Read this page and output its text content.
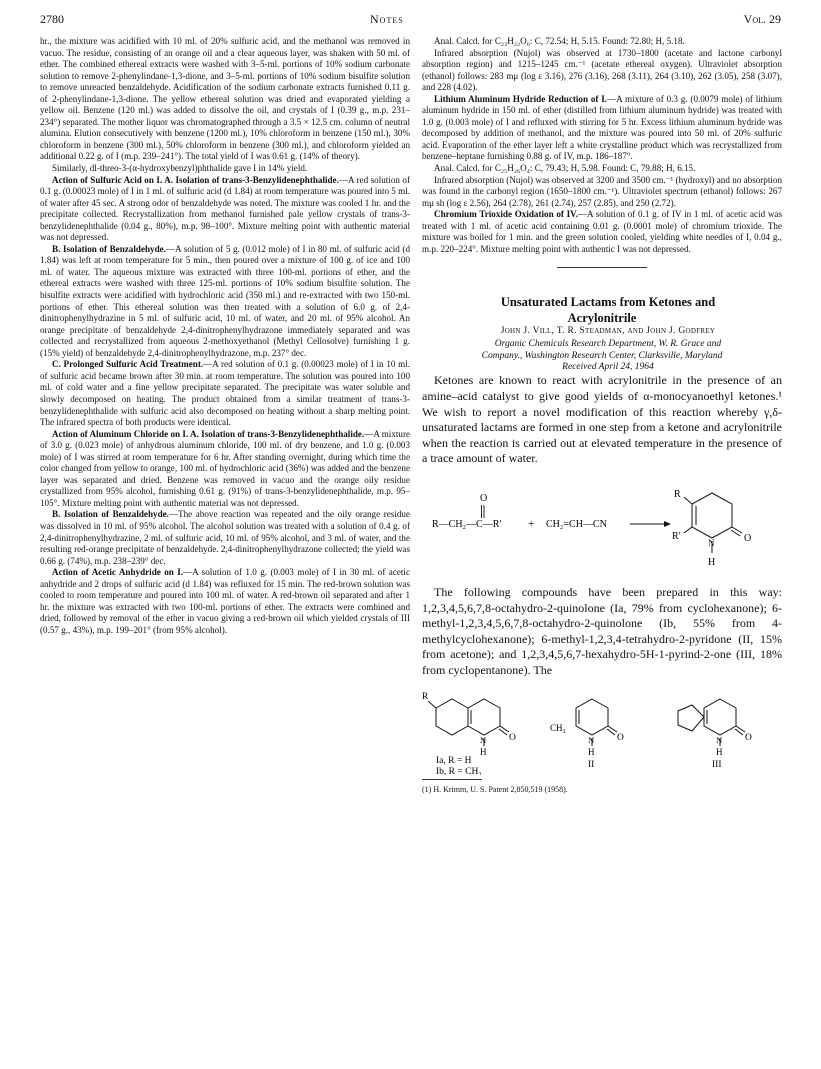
2780	Notes	Vol. 29

hr., the mixture was acidified with 10 ml. of 20% sulfuric acid, and the methanol was removed in vacuo. The residue, consisting of an orange oil and a clear aqueous layer, was shaken with 50 ml. of ether. The combined ethereal extracts were washed with 3–5-ml. portions of 10% sodium carbonate solution to remove 2-phenylindane-1,3-dione, and 3–5-ml. portions of 10% sodium bisulfite solution to remove unreacted benzaldehyde. Acidification of the sodium carbonate extracts furnished 0.11 g. of 2-phenylindane-1,3-dione. The yellow ethereal solution was dried and evaporated yielding a yellow oil. Benzene (120 ml.) was added to dissolve the oil, and crystals of I (0.39 g., m.p. 231–234°) separated. The mother liquor was chromatographed through a 3.5 × 12.5 cm. column of neutral alumina. Elution consecutively with benzene (1200 ml.), 10% chloroform in benzene (150 ml.), 30% chloroform in benzene (300 ml.), 50% chloroform in benzene (300 ml.), and chloroform yielded an additional 0.22 g. of I (m.p. 239–241°). The total yield of I was 0.61 g. (14% of theory).

Similarly, dl-threo-3-(α-hydroxybenzyl)phthalide gave I in 14% yield.

Action of Sulfuric Acid on I. A. Isolation of trans-3-Benzylidenephthalide.—A red solution of 0.1 g. (0.00023 mole) of I in 1 ml. of sulfuric acid (d 1.84) at room temperature was poured into 5 ml. of water after 45 sec. A strong odor of benzaldehyde was noted. The mixture was cooled 1 hr. and the precipitate collected. Recrystallization from methanol furnished pale yellow crystals of trans-3-benzylidenephthalide (0.04 g., 80%), m.p. 98–100°. Mixture melting point with authentic material was not depressed.

B. Isolation of Benzaldehyde.—A solution of 5 g. (0.012 mole) of I in 80 ml. of sulfuric acid (d 1.84) was left at room temperature for 5 min., then poured over a mixture of 100 g. of ice and 100 ml. of water. The aqueous mixture was extracted with three 100-ml. portions of ether, and the ethereal extracts were washed with three 125-ml. portions of 10% sodium bisulfite solution. The bisulfite extracts were acidified with hydrochloric acid (350 ml.) and re-extracted with two 150-ml. portions of ether. This ethereal solution was then treated with a solution of 6.0 g. of 2,4-dinitrophenylhydrazine in 5 ml. of sulfuric acid, 10 ml. of water, and 20 ml. of 95% alcohol. An orange precipitate of benzaldehyde 2,4-dinitrophenylhydrazone immediately separated and was collected and recrystallized from aqueous 2-methoxyethanol (Methyl Cellosolve) furnishing 1 g. (15% yield) of benzaldehyde 2,4-dinitrophenylhydrazone, m.p. 237° dec.

C. Prolonged Sulfuric Acid Treatment.—A red solution of 0.1 g. (0.00023 mole) of I in 10 ml. of sulfuric acid became brown after 30 min. at room temperature. The solution was poured into 100 ml. of cold water and a fine yellow precipitate separated. The precipitate was water soluble and slowly decomposed on heating. The product obtained from a similar treatment of trans-3-benzylidenephthalide with sulfuric acid also decomposed on heating without a sharp melting point. The infrared spectra of both products were identical.

Action of Aluminum Chloride on I. A. Isolation of trans-3-Benzylidenephthalide.—A mixture of 3.0 g. (0.023 mole) of anhydrous aluminum chloride, 100 ml. of dry benzene, and 1.0 g. (0.003 mole) of I was stirred at room temperature for 6 hr. After standing overnight, during which time the color changed from yellow to orange, 100 ml. of hydrochloric acid (36%) was added and the benzene layer was separated and dried. Benzene was removed in vacuo and the orange oily residue crystallized from 95% alcohol, furnishing 0.61 g. (91%) of trans-3-benzylidenephthalide, m.p. 95–105°. Mixture melting point with authentic material was not depressed.

B. Isolation of Benzaldehyde.—The above reaction was repeated and the oily orange residue was dissolved in 10 ml. of 95% alcohol. The alcohol solution was treated with a solution of 0.4 g. of 2,4-dinitrophenylhydrazine, 2 ml. of sulfuric acid, 10 ml. of 95% alcohol, and 3 ml. of water, and the resulting red-orange precipitate of benzaldehyde. 2,4-dinitrophenylhydrazone collected; the yield was 0.66 g. (74%), m.p. 238–239° dec.

Action of Acetic Anhydride on I.—A solution of 1.0 g. (0.003 mole) of I in 30 ml. of acetic anhydride and 2 drops of sulfuric acid (d 1.84) was refluxed for 15 min. The red-brown solution was cooled to room temperature and poured into 100 ml. of water. A red-brown oil separated and after 1 hr. the mixture was extracted with two 100-ml. portions of ether. The extracts were combined and dried, followed by removal of the ether in vacuo giving a red-brown oil which yielded crystals of III (0.57 g., 43%), m.p. 199–201° (from 95% alcohol).

Anal. Calcd. for C₂₃H₂₂O₆: C, 72.54; H, 5.15. Found: 72.80; H, 5.18.

Infrared absorption (Nujol) was observed at 1730–1800 (acetate and lactone carbonyl absorption region) and 1215–1245 cm.⁻¹ (acetate ethereal oxygen). Ultraviolet absorption (ethanol) follows: 283 mμ (log ε 3.16), 276 (3.16), 268 (3.11), 264 (3.10), 262 (3.05), 258 (3.07), and 228 (4.02).

Lithium Aluminum Hydride Reduction of I.—A mixture of 0.3 g. (0.0079 mole) of lithium aluminum hydride in 150 ml. of ether (distilled from lithium aluminum hydride) was treated with 1.0 g. (0.003 mole) of I and refluxed with stirring for 5 hr. Excess lithium aluminum hydride was decomposed by addition of methanol, and the mixture was poured into 50 ml. of 20% sulfuric acid. Evaporation of the ether layer left a white crystalline product which was recrystallized from benzene–heptane furnishing 0.88 g. of IV, m.p. 186–187°.

Anal. Calcd. for C₂₅H₂₆O₄: C, 79.43; H, 5.98. Found: C, 79.88; H, 6.15.

Infrared absorption (Nujol) was observed at 3200 and 3500 cm.⁻¹ (hydroxyl) and no absorption was found in the carbonyl region (1650–1800 cm.⁻¹). Ultraviolet spectrum (ethanol) follows: 267 mμ sh (log ε 2.56), 264 (2.78), 261 (2.74), 257 (2.85), and 250 (2.72).

Chromium Trioxide Oxidation of IV.—A solution of 0.1 g. of IV in 1 ml. of acetic acid was treated with 1 ml. of acetic acid containing 0.01 g. (0.0001 mole) of chromium trioxide. The mixture was boiled for 1 min. and the green solution cooled, yielding white needles of I, 0.04 g., m.p. 220–224°. Mixture melting point with authentic I was not depressed.

Unsaturated Lactams from Ketones and
Acrylonitrile

John J. Vill, T. R. Steadman, and John J. Godfrey

Organic Chemicals Research Department, W. R. Grace and
Company., Washington Research Center, Clarksville, Maryland

Received April 24, 1964

Ketones are known to react with acrylonitrile in the presence of an amine–acid catalyst to give good yields of α-monocyanoethyl ketones.¹ We wish to report a novel modification of this reaction whereby γ,δ-unsaturated lactams are formed in one step from a ketone and acrylonitrile when the reaction is carried out at elevated temperature in the presence of a trace amount of water.

R—CH₂—C—R′
O
+ CH₂=CH—CN
R
R′
N	O
H

The following compounds have been prepared in this way: 1,2,3,4,5,6,7,8-octahydro-2-quinolone (Ia, 79% from cyclohexanone); 6-methyl-1,2,3,4,5,6,7,8-octahydro-2-quinolone (Ib, 55% from 4-methylcyclohexanone); 6-methyl-1,2,3,4-tetrahydro-2-pyridone (II, 15% from acetone); and 1,2,3,4,5,6,7-hexahydro-5H-1-pyrind-2-one (III, 18% from cyclopentanone). The

R
N O
H
Ia, R = H
Ib, R = CH₃
CH₃
N O
H
II
N O
H
III

(1) H. Krimm, U. S. Patent 2,850,519 (1958).
